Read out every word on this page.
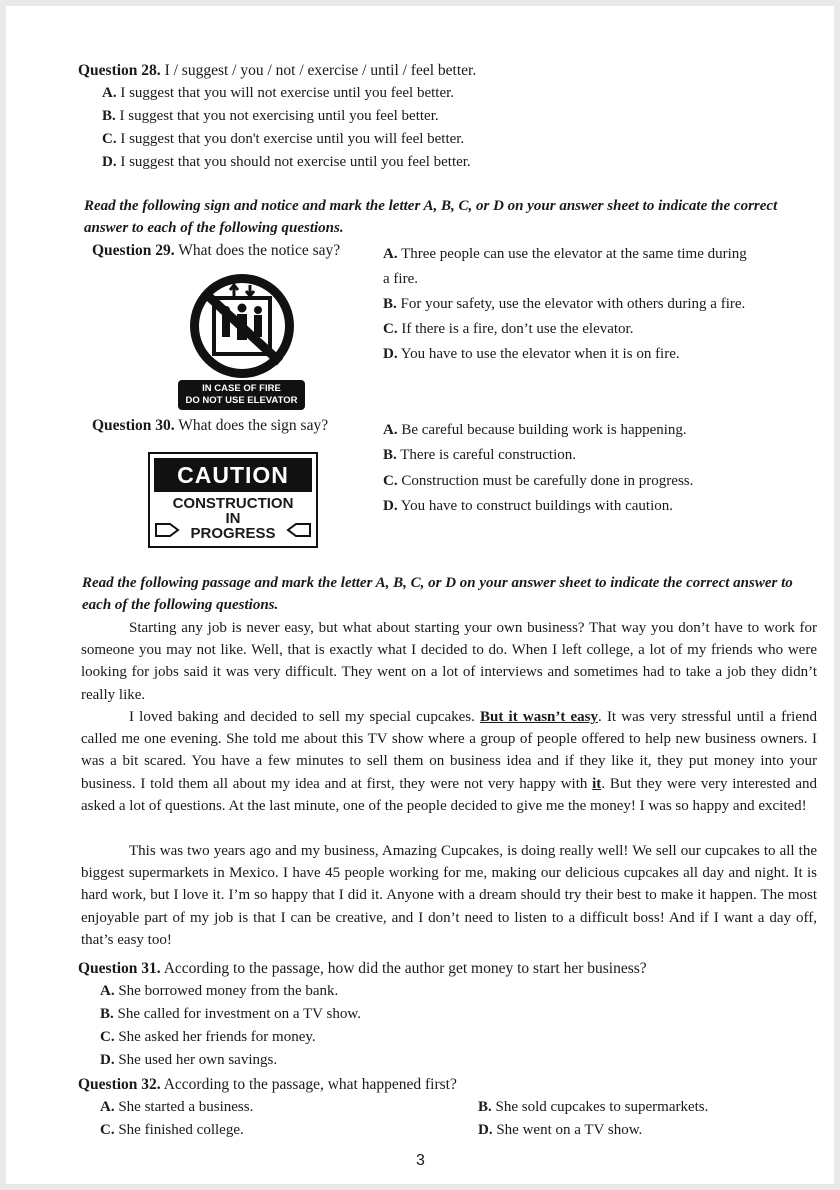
Question 28. I / suggest / you / not / exercise / until / feel better.
A. I suggest that you will not exercise until you feel better.
B. I suggest that you not exercising until you feel better.
C. I suggest that you don't exercise until you will feel better.
D. I suggest that you should not exercise until you feel better.
Read the following sign and notice and mark the letter A, B, C, or D on your answer sheet to indicate the correct answer to each of the following questions.
Question 29. What does the notice say?
IN CASE OF FIRE
DO NOT USE ELEVATOR
A. Three people can use the elevator at the same time during
a fire.
B. For your safety, use the elevator with others during a fire.
C. If there is a fire, don’t use the elevator.
D. You have to use the elevator when it is on fire.
Question 30. What does the sign say?
CAUTION
CONSTRUCTION
IN
PROGRESS
A. Be careful because building work is happening.
B. There is careful construction.
C. Construction must be carefully done in progress.
D. You have to construct buildings with caution.
Read the following passage and mark the letter A, B, C, or D on your answer sheet to indicate the correct answer to each of the following questions.
Starting any job is never easy, but what about starting your own business? That way you don’t have to work for someone you may not like. Well, that is exactly what I decided to do. When I left college, a lot of my friends who were looking for jobs said it was very difficult. They went on a lot of interviews and sometimes had to take a job they didn’t really like.
I loved baking and decided to sell my special cupcakes. But it wasn’t easy. It was very stressful until a friend called me one evening. She told me about this TV show where a group of people offered to help new business owners. I was a bit scared. You have a few minutes to sell them on business idea and if they like it, they put money into your business. I told them all about my idea and at first, they were not very happy with it. But they were very interested and asked a lot of questions. At the last minute, one of the people decided to give me the money! I was so happy and excited!
This was two years ago and my business, Amazing Cupcakes, is doing really well! We sell our cupcakes to all the biggest supermarkets in Mexico. I have 45 people working for me, making our delicious cupcakes all day and night. It is hard work, but I love it. I’m so happy that I did it. Anyone with a dream should try their best to make it happen. The most enjoyable part of my job is that I can be creative, and I don’t need to listen to a difficult boss! And if I want a day off, that’s easy too!
Question 31. According to the passage, how did the author get money to start her business?
A. She borrowed money from the bank.
B. She called for investment on a TV show.
C. She asked her friends for money.
D. She used her own savings.
Question 32. According to the passage, what happened first?
A. She started a business.	B. She sold cupcakes to supermarkets.
C. She finished college.	D. She went on a TV show.
3
